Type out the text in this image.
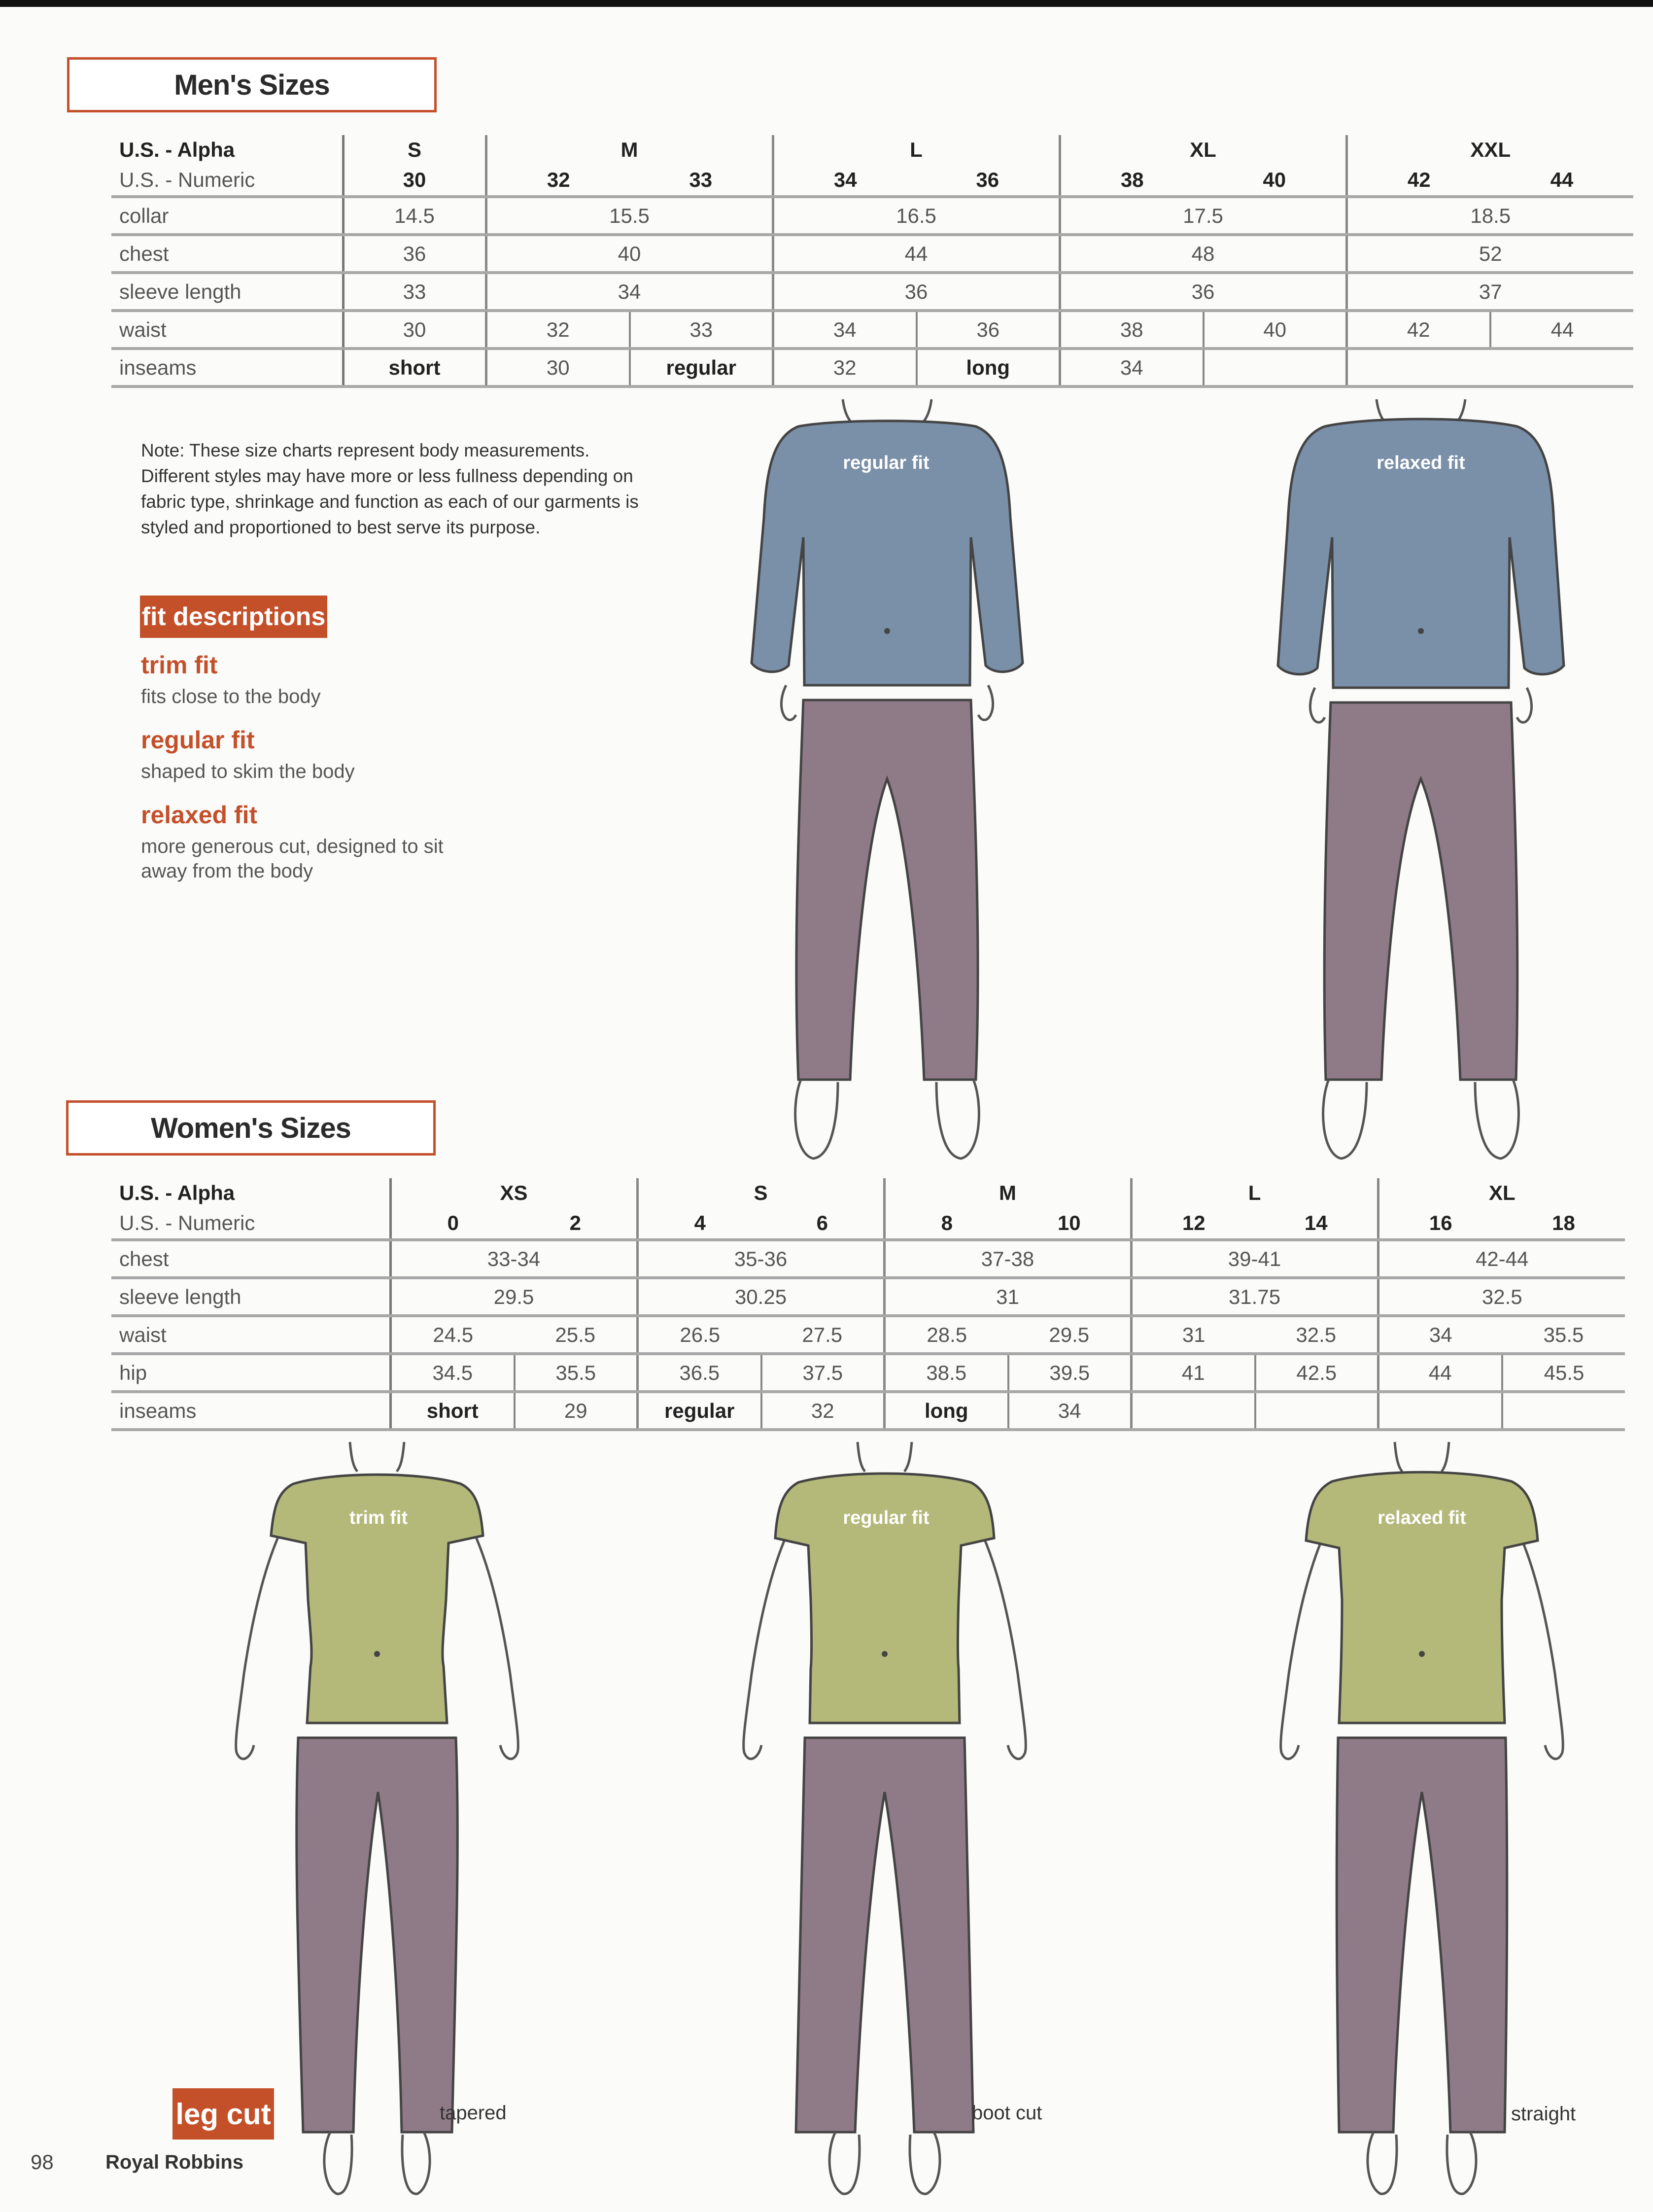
Men's Sizes
U.S. - Alpha	S	M		L		XL		XXL	
U.S. - Numeric	30	32	33	34	36	38	40	42	44
collar	14.5	15.5		16.5		17.5		18.5	
chest	36	40		44		48		52	
sleeve length	33	34		36		36		37	
waist	30	32	33	34	36	38	40	42	44
inseams	short	30	regular	32	long	34			

Note: These size charts represent body measurements. Different styles may have more or less fullness depending on fabric type, shrinkage and function as each of our garments is styled and proportioned to best serve its purpose.

fit descriptions

trim fit

fits close to the body

regular fit

shaped to skim the body

relaxed fit

more generous cut, designed to sit away from the body

regular fit	relaxed fit
Women's Sizes
U.S. - Alpha	XS		S		M		L		XL	
U.S. - Numeric	0	2	4	6	8	10	12	14	16	18
chest	33-34		35-36		37-38		39-41		42-44	
sleeve length	29.5		30.25		31		31.75		32.5	
waist	24.5	25.5	26.5	27.5	28.5	29.5	31	32.5	34	35.5
hip	34.5	35.5	36.5	37.5	38.5	39.5	41	42.5	44	45.5
inseams	short	29	regular	32	long	34				
trim fit
tapered
regular fit
boot cut
relaxed fit
straight
leg cut
98	Royal Robbins
